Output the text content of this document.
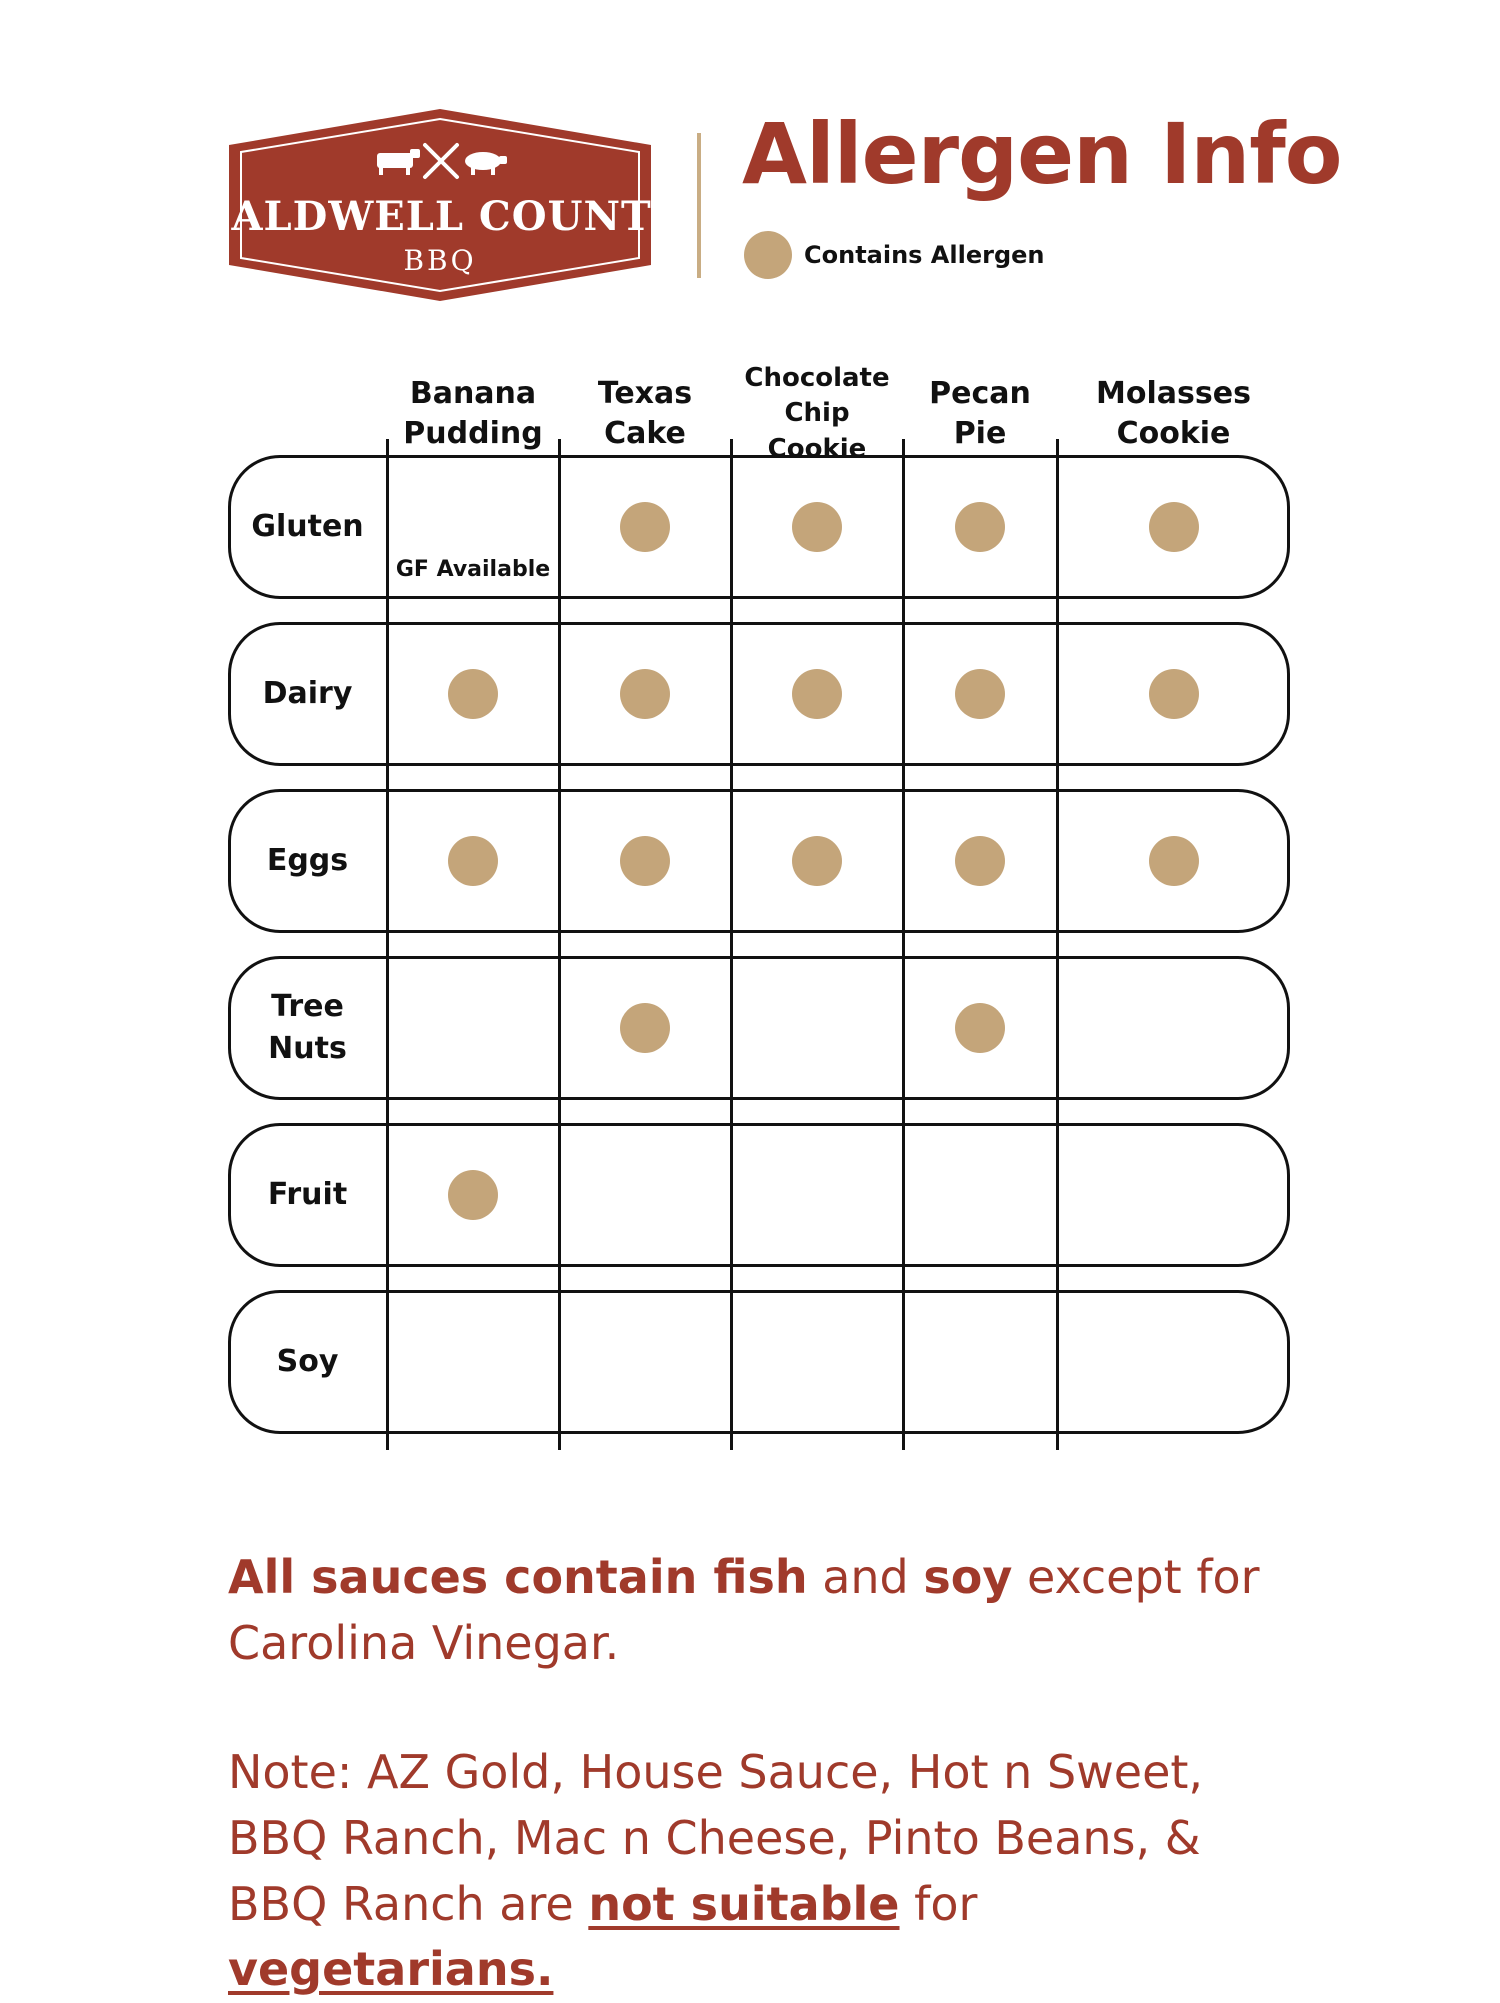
CALDWELL COUNTY
BBQ
Allergen Info
Contains Allergen
Banana
Pudding
Texas
Cake
Chocolate
Chip Cookie
Pecan
Pie
Molasses
Cookie
Gluten
GF Available
Dairy
Eggs
Tree
Nuts
Fruit
Soy
All sauces contain fish and soy except for Carolina Vinegar.
Note: AZ Gold, House Sauce, Hot n Sweet, BBQ Ranch, Mac n Cheese, Pinto Beans, & BBQ Ranch are not suitable for vegetarians.
